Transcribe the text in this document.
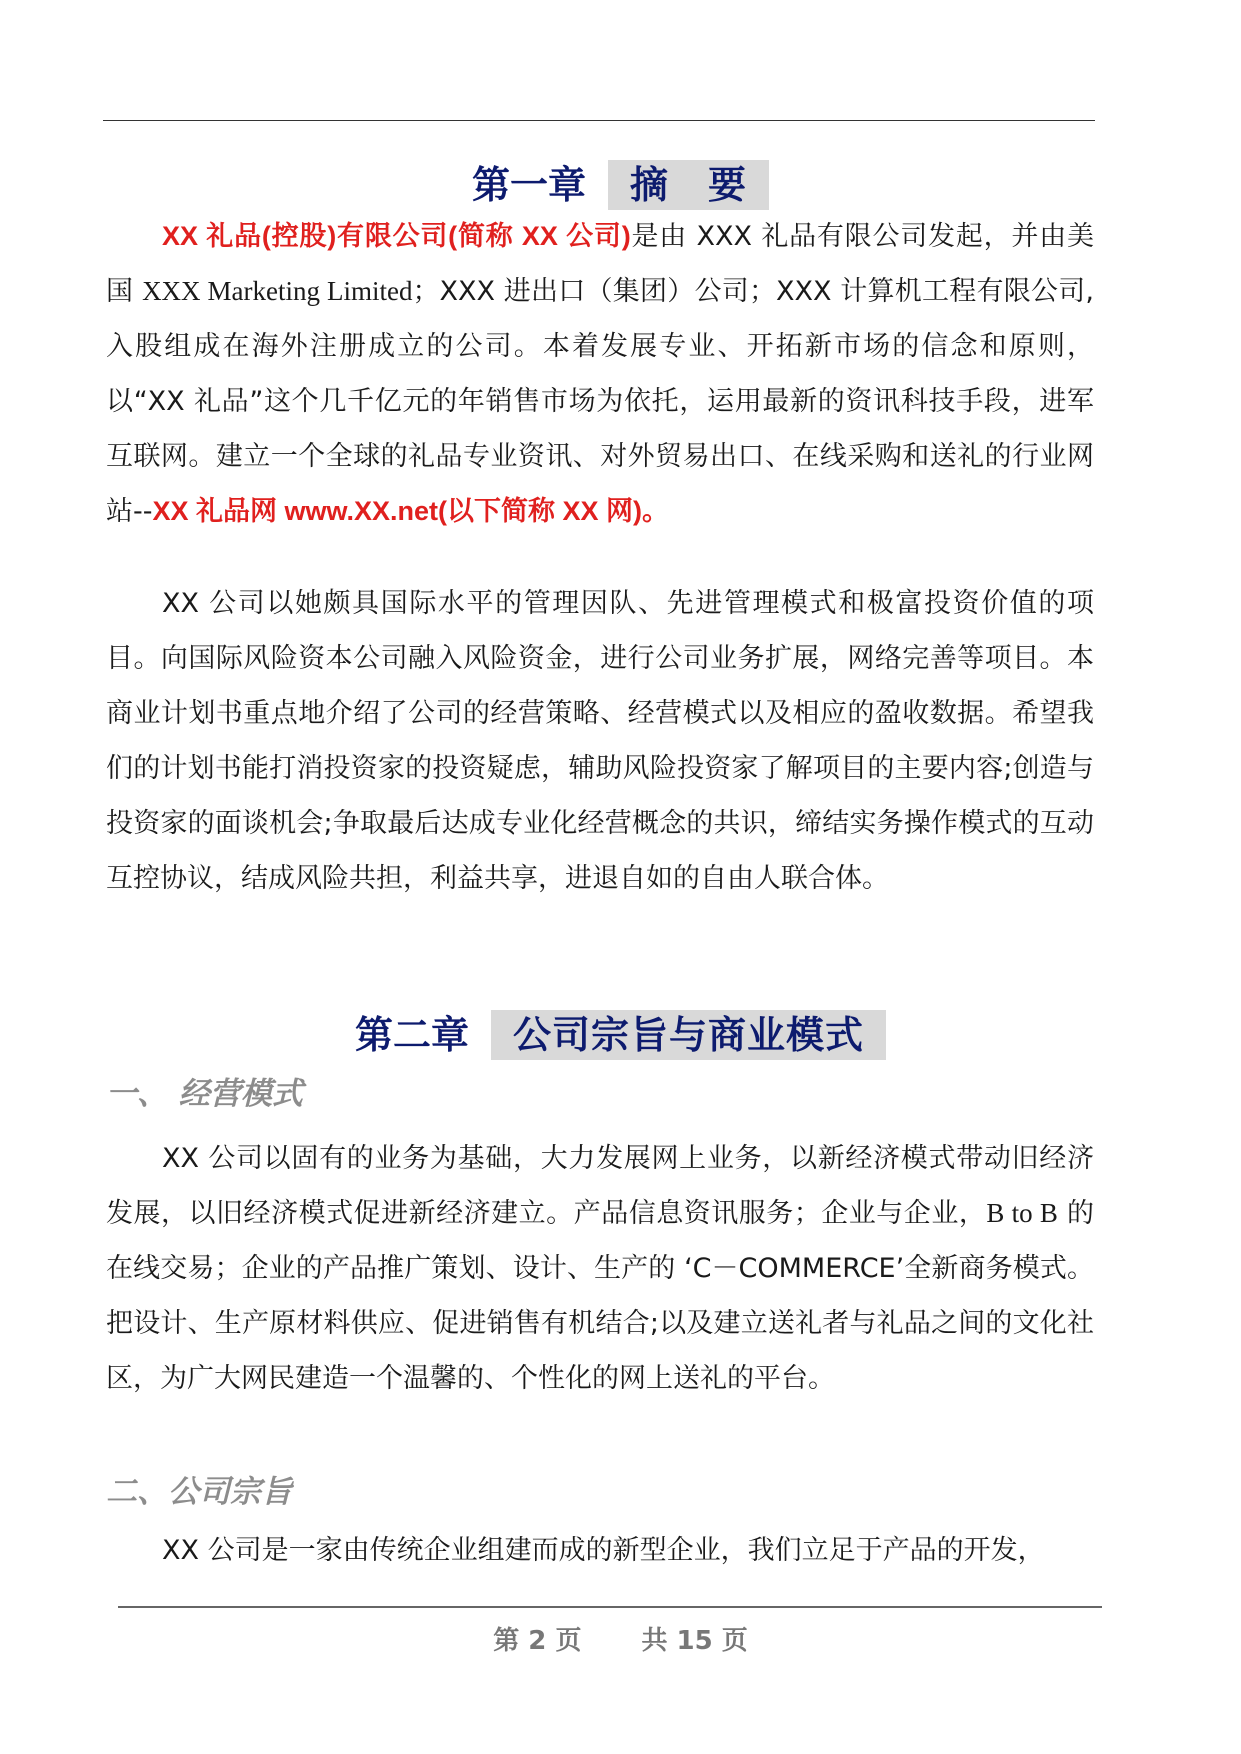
第一章 摘　要

XX 礼品(控股)有限公司(简称 XX 公司)是由 XXX 礼品有限公司发起，并由美国 XXX Marketing Limited；XXX 进出口（集团）公司；XXX 计算机工程有限公司,入股组成在海外注册成立的公司。本着发展专业、开拓新市场的信念和原则，以“XX 礼品”这个几千亿元的年销售市场为依托，运用最新的资讯科技手段，进军互联网。建立一个全球的礼品专业资讯、对外贸易出口、在线采购和送礼的行业网站--XX 礼品网 www.XX.net(以下简称 XX 网)。

XX 公司以她颇具国际水平的管理因队、先进管理模式和极富投资价值的项目。向国际风险资本公司融入风险资金，进行公司业务扩展，网络完善等项目。本商业计划书重点地介绍了公司的经营策略、经营模式以及相应的盈收数据。希望我们的计划书能打消投资家的投资疑虑，辅助风险投资家了解项目的主要内容;创造与投资家的面谈机会;争取最后达成专业化经营概念的共识，缔结实务操作模式的互动互控协议，结成风险共担，利益共享，进退自如的自由人联合体。

第二章 公司宗旨与商业模式
一、 经营模式

XX 公司以固有的业务为基础，大力发展网上业务，以新经济模式带动旧经济发展，以旧经济模式促进新经济建立。产品信息资讯服务；企业与企业，B to B 的在线交易；企业的产品推广策划、设计、生产的 ‘C－COMMERCE’全新商务模式。把设计、生产原材料供应、促进销售有机结合;以及建立送礼者与礼品之间的文化社区，为广大网民建造一个温馨的、个性化的网上送礼的平台。

二、公司宗旨

XX 公司是一家由传统企业组建而成的新型企业，我们立足于产品的开发，

第 2 页 共 15 页
